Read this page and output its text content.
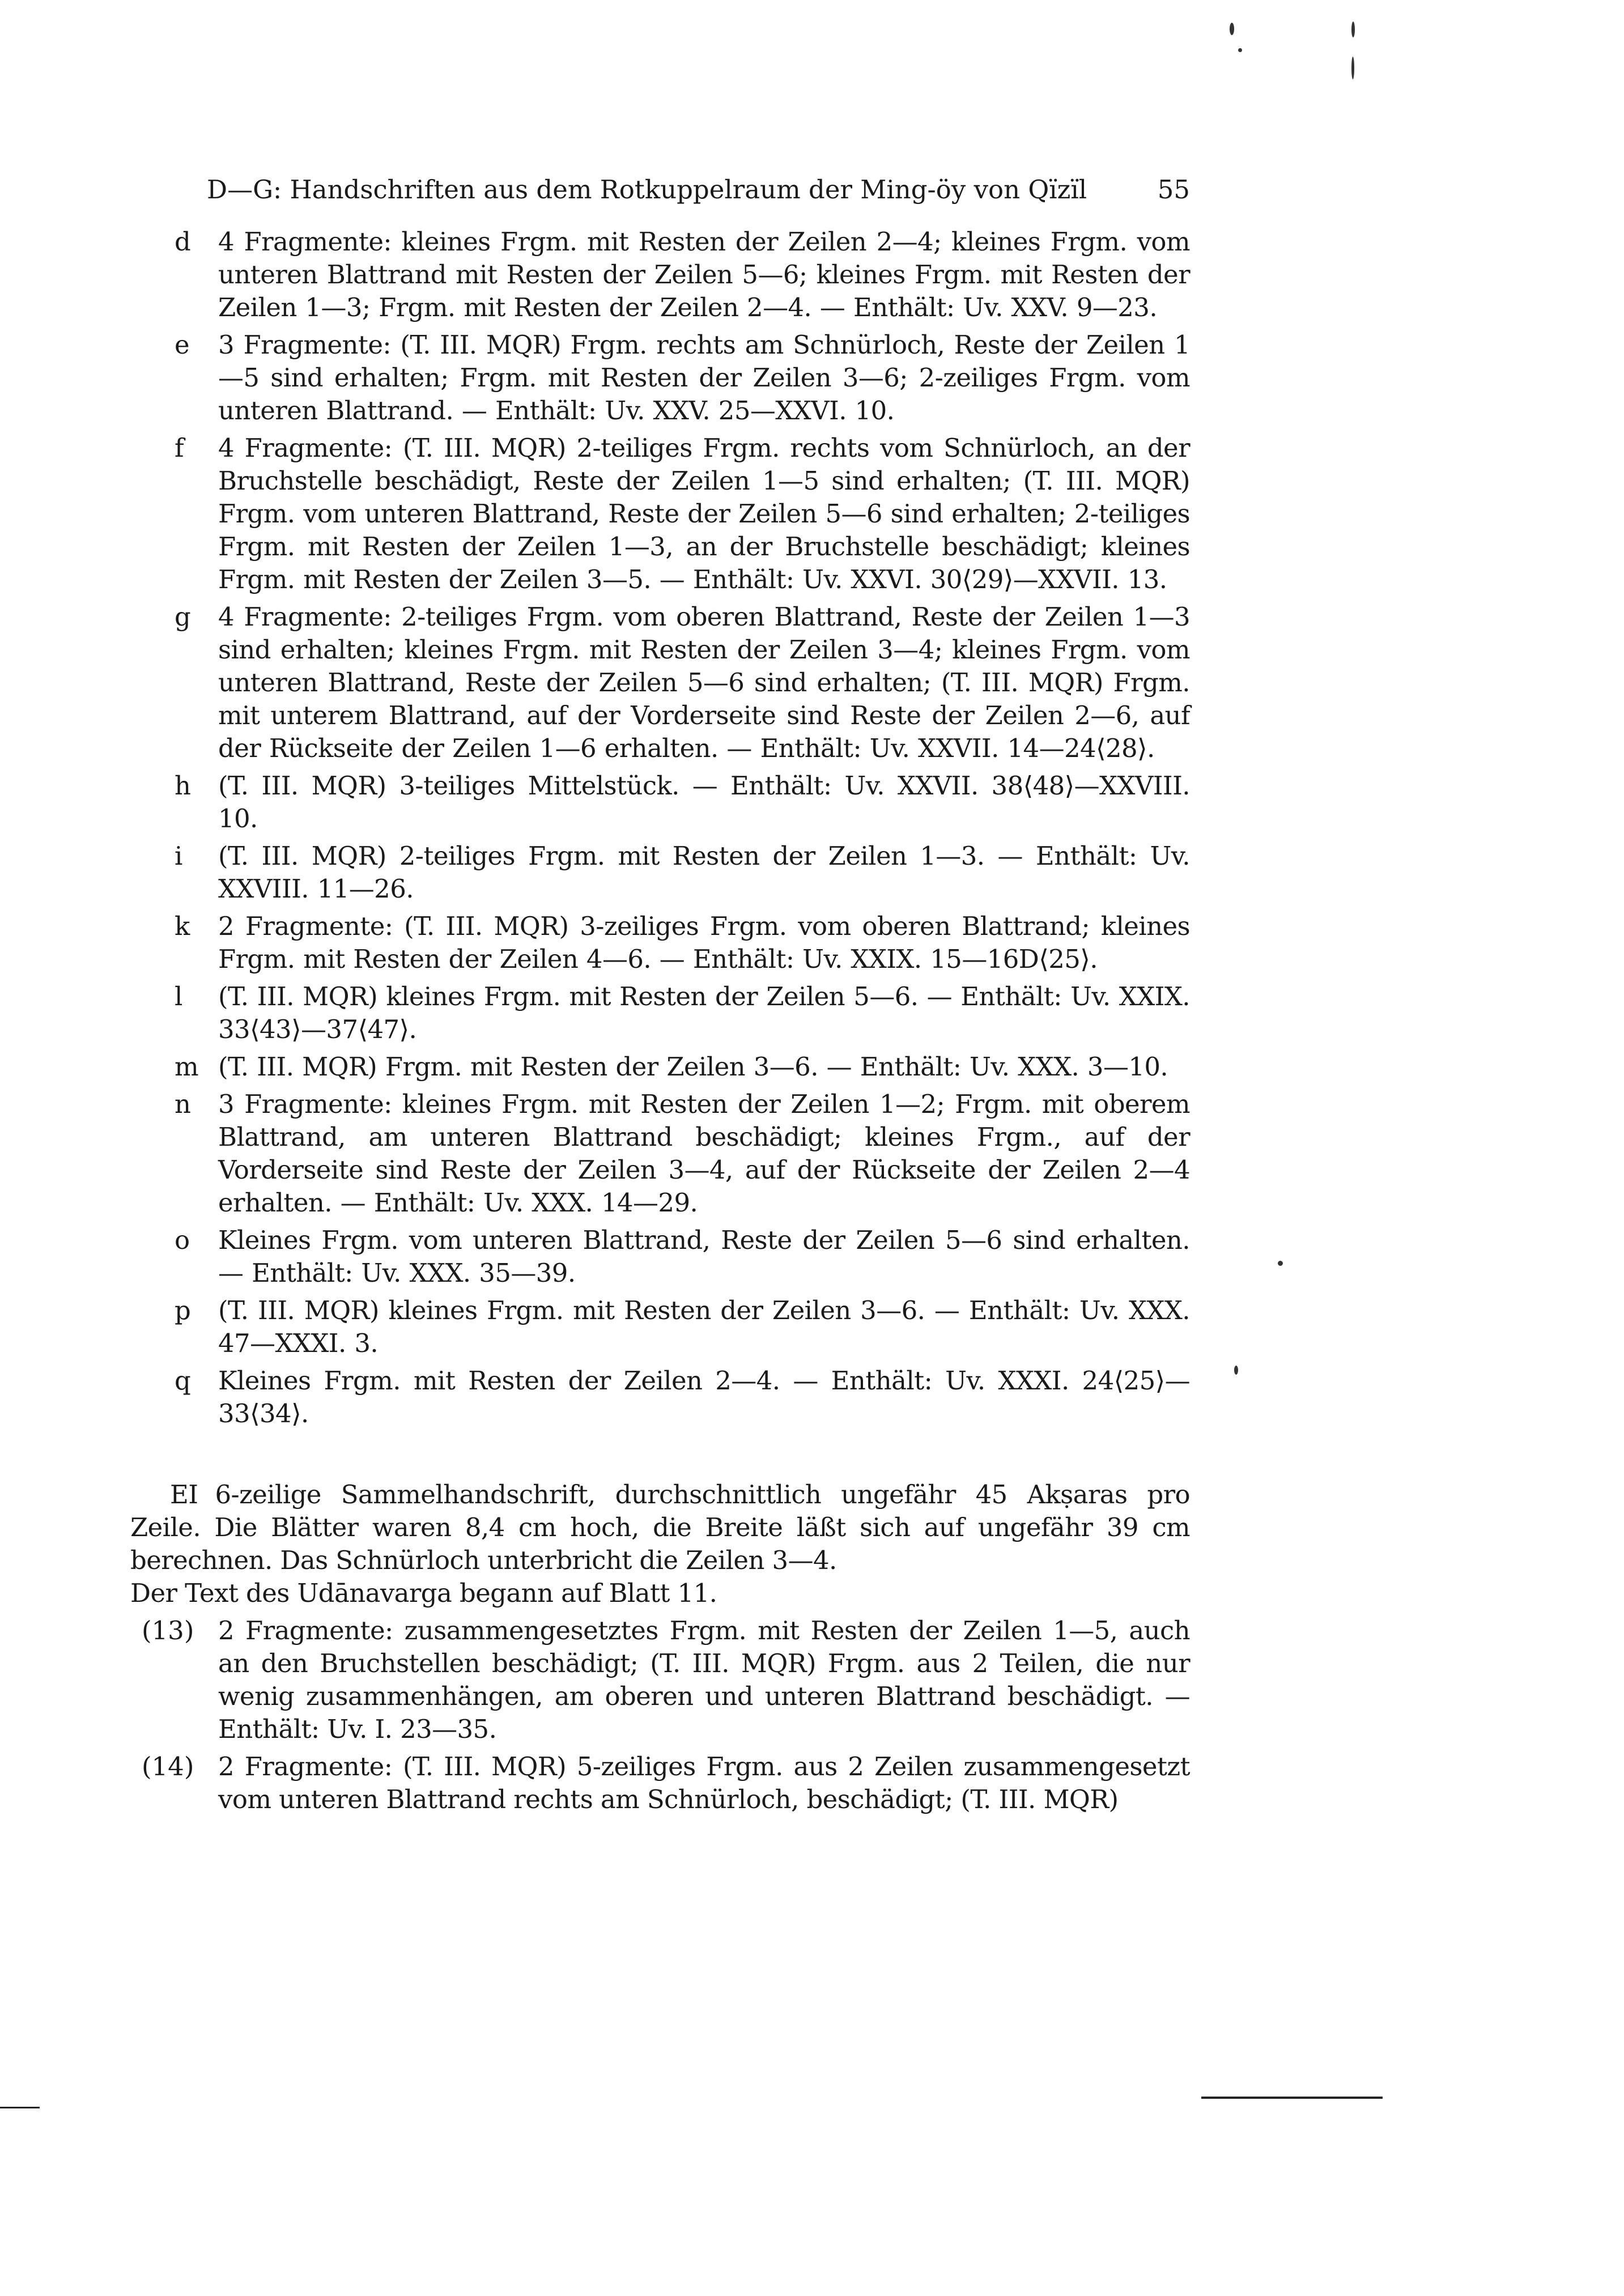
D—G: Handschriften aus dem Rotkuppelraum der Ming-öy von Qïzïl	55
d 4 Fragmente: kleines Frgm. mit Resten der Zeilen 2—4; kleines Frgm. vom unteren Blattrand mit Resten der Zeilen 5—6; kleines Frgm. mit Resten der Zeilen 1—3; Frgm. mit Resten der Zeilen 2—4. — Enthält: Uv. XXV. 9—23.
e 3 Fragmente: (T. III. MQR) Frgm. rechts am Schnürloch, Reste der Zeilen 1—5 sind erhalten; Frgm. mit Resten der Zeilen 3—6; 2-zeiliges Frgm. vom unteren Blattrand. — Enthält: Uv. XXV. 25—XXVI. 10.
f 4 Fragmente: (T. III. MQR) 2-teiliges Frgm. rechts vom Schnürloch, an der Bruchstelle beschädigt, Reste der Zeilen 1—5 sind erhalten; (T. III. MQR) Frgm. vom unteren Blattrand, Reste der Zeilen 5—6 sind erhalten; 2-teiliges Frgm. mit Resten der Zeilen 1—3, an der Bruchstelle beschädigt; kleines Frgm. mit Resten der Zeilen 3—5. — Enthält: Uv. XXVI. 30⟨29⟩—XXVII. 13.
g 4 Fragmente: 2-teiliges Frgm. vom oberen Blattrand, Reste der Zeilen 1—3 sind erhalten; kleines Frgm. mit Resten der Zeilen 3—4; kleines Frgm. vom unteren Blattrand, Reste der Zeilen 5—6 sind erhalten; (T. III. MQR) Frgm. mit unterem Blattrand, auf der Vorderseite sind Reste der Zeilen 2—6, auf der Rückseite der Zeilen 1—6 erhalten. — Enthält: Uv. XXVII. 14—24⟨28⟩.
h (T. III. MQR) 3-teiliges Mittelstück. — Enthält: Uv. XXVII. 38⟨48⟩—XXVIII. 10.
i (T. III. MQR) 2-teiliges Frgm. mit Resten der Zeilen 1—3. — Enthält: Uv. XXVIII. 11—26.
k 2 Fragmente: (T. III. MQR) 3-zeiliges Frgm. vom oberen Blattrand; kleines Frgm. mit Resten der Zeilen 4—6. — Enthält: Uv. XXIX. 15—16D⟨25⟩.
l (T. III. MQR) kleines Frgm. mit Resten der Zeilen 5—6. — Enthält: Uv. XXIX. 33⟨43⟩—37⟨47⟩.
m (T. III. MQR) Frgm. mit Resten der Zeilen 3—6. — Enthält: Uv. XXX. 3—10.
n 3 Fragmente: kleines Frgm. mit Resten der Zeilen 1—2; Frgm. mit oberem Blattrand, am unteren Blattrand beschädigt; kleines Frgm., auf der Vorderseite sind Reste der Zeilen 3—4, auf der Rückseite der Zeilen 2—4 erhalten. — Enthält: Uv. XXX. 14—29.
o Kleines Frgm. vom unteren Blattrand, Reste der Zeilen 5—6 sind erhalten. — Enthält: Uv. XXX. 35—39.
p (T. III. MQR) kleines Frgm. mit Resten der Zeilen 3—6. — Enthält: Uv. XXX. 47—XXXI. 3.
q Kleines Frgm. mit Resten der Zeilen 2—4. — Enthält: Uv. XXXI. 24⟨25⟩—33⟨34⟩.
EI 6-zeilige Sammelhandschrift, durchschnittlich ungefähr 45 Akṣaras pro Zeile. Die Blätter waren 8,4 cm hoch, die Breite läßt sich auf ungefähr 39 cm berechnen. Das Schnürloch unterbricht die Zeilen 3—4.
Der Text des Udānavarga begann auf Blatt 11.
(13) 2 Fragmente: zusammengesetztes Frgm. mit Resten der Zeilen 1—5, auch an den Bruchstellen beschädigt; (T. III. MQR) Frgm. aus 2 Teilen, die nur wenig zusammenhängen, am oberen und unteren Blattrand beschädigt. — Enthält: Uv. I. 23—35.
(14) 2 Fragmente: (T. III. MQR) 5-zeiliges Frgm. aus 2 Zeilen zusammengesetzt vom unteren Blattrand rechts am Schnürloch, beschädigt; (T. III. MQR)
